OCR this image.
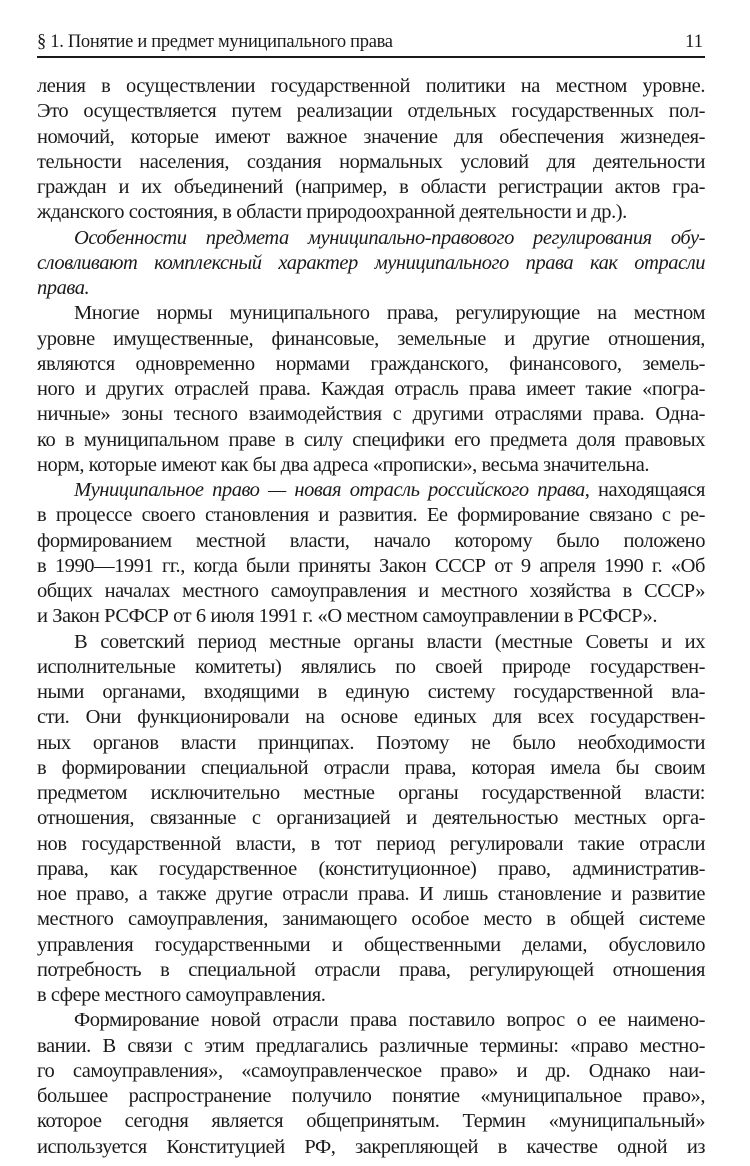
§ 1. Понятие и предмет муниципального права	11
ления в осуществлении государственной политики на местном уровне.
Это осуществляется путем реализации отдельных государственных пол-
номочий, которые имеют важное значение для обеспечения жизнедея-
тельности населения, создания нормальных условий для деятельности
граждан и их объединений (например, в области регистрации актов гра-
жданского состояния, в области природоохранной деятельности и др.).
Особенности предмета муниципально-правового регулирования обу-
словливают комплексный характер муниципального права как отрасли
права.
Многие нормы муниципального права, регулирующие на местном
уровне имущественные, финансовые, земельные и другие отношения,
являются одновременно нормами гражданского, финансового, земель-
ного и других отраслей права. Каждая отрасль права имеет такие «погра-
ничные» зоны тесного взаимодействия с другими отраслями права. Одна-
ко в муниципальном праве в силу специфики его предмета доля правовых
норм, которые имеют как бы два адреса «прописки», весьма значительна.
Муниципальное право — новая отрасль российского права, находящаяся
в процессе своего становления и развития. Ее формирование связано с ре-
формированием местной власти, начало которому было положено
в 1990—1991 гг., когда были приняты Закон СССР от 9 апреля 1990 г. «Об
общих началах местного самоуправления и местного хозяйства в СССР»
и Закон РСФСР от 6 июля 1991 г. «О местном самоуправлении в РСФСР».
В советский период местные органы власти (местные Советы и их
исполнительные комитеты) являлись по своей природе государствен-
ными органами, входящими в единую систему государственной вла-
сти. Они функционировали на основе единых для всех государствен-
ных органов власти принципах. Поэтому не было необходимости
в формировании специальной отрасли права, которая имела бы своим
предметом исключительно местные органы государственной власти:
отношения, связанные с организацией и деятельностью местных орга-
нов государственной власти, в тот период регулировали такие отрасли
права, как государственное (конституционное) право, административ-
ное право, а также другие отрасли права. И лишь становление и развитие
местного самоуправления, занимающего особое место в общей системе
управления государственными и общественными делами, обусловило
потребность в специальной отрасли права, регулирующей отношения
в сфере местного самоуправления.
Формирование новой отрасли права поставило вопрос о ее наимено-
вании. В связи с этим предлагались различные термины: «право местно-
го самоуправления», «самоуправленческое право» и др. Однако наи-
большее распространение получило понятие «муниципальное право»,
которое сегодня является общепринятым. Термин «муниципальный»
используется Конституцией РФ, закрепляющей в качестве одной из
